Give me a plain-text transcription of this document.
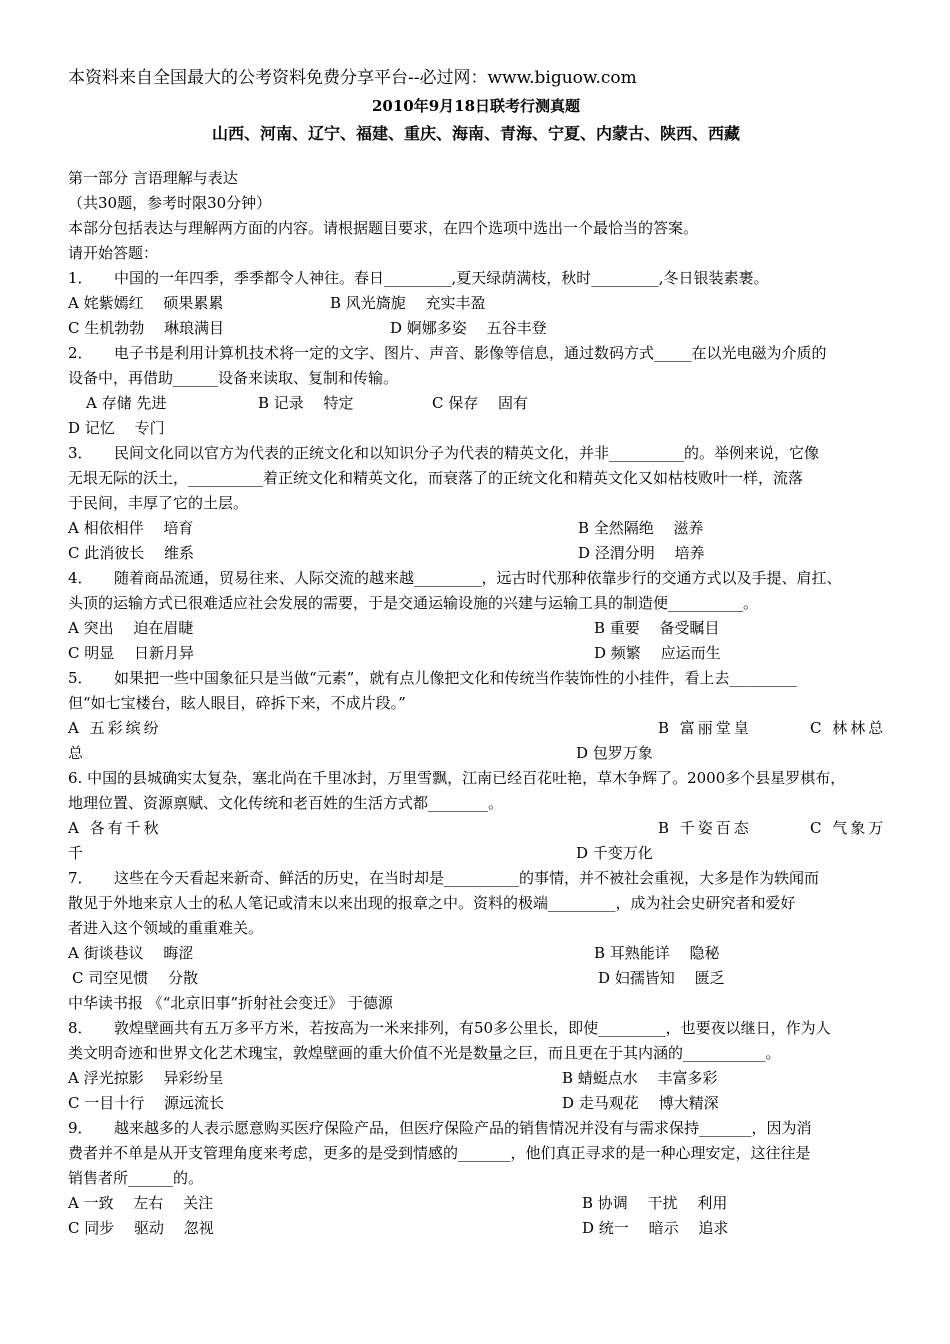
本资料来自全国最大的公考资料免费分享平台--必过网：www.biguow.com
2010年9月18日联考行测真题
山西、河南、辽宁、福建、重庆、海南、青海、宁夏、内蒙古、陕西、西藏
第一部分 言语理解与表达
（共30题，参考时限30分钟）
本部分包括表达与理解两方面的内容。请根据题目要求，在四个选项中选出一个最恰当的答案。
请开始答题：
1． 中国的一年四季，季季都令人神往。春日_________,夏天绿荫满枝，秋时_________,冬日银装素裹。
A 姹紫嫣红　 硕果累累	B 风光旖旎　 充实丰盈
C 生机勃勃　 琳琅满目	D 婀娜多姿　 五谷丰登
2． 电子书是利用计算机技术将一定的文字、图片、声音、影像等信息，通过数码方式_____在以光电磁为介质的
设备中，再借助______设备来读取、复制和传输。
A 存储 先进	B 记录　 特定	C 保存　 固有
D 记忆　 专门
3． 民间文化同以官方为代表的正统文化和以知识分子为代表的精英文化，并非__________的。举例来说，它像
无垠无际的沃土，__________着正统文化和精英文化，而衰落了的正统文化和精英文化又如枯枝败叶一样，流落
于民间，丰厚了它的土层。
A 相依相伴　 培育	B 全然隔绝　 滋养
C 此消彼长　 维系	D 泾渭分明　 培养
4． 随着商品流通，贸易往来、人际交流的越来越_________，远古时代那种依靠步行的交通方式以及手提、肩扛、
头顶的运输方式已很难适应社会发展的需要，于是交通运输设施的兴建与运输工具的制造便__________。
A 突出　 迫在眉睫	B 重要　 备受瞩目
C 明显　 日新月异	D 频繁　 应运而生
5． 如果把一些中国象征只是当做“元素”，就有点儿像把文化和传统当作装饰性的小挂件，看上去_________
但“如七宝楼台，眩人眼目，碎拆下来，不成片段。”
A 五彩缤纷	B 富丽堂皇	C 林林总
总	D 包罗万象
6. 中国的县城确实太复杂，塞北尚在千里冰封，万里雪飘，江南已经百花吐艳，草木争辉了。2000多个县星罗棋布，
地理位置、资源禀赋、文化传统和老百姓的生活方式都________。
A 各有千秋	B 千姿百态	C 气象万
千	D 千变万化
7． 这些在今天看起来新奇、鲜活的历史，在当时却是__________的事情，并不被社会重视，大多是作为轶闻而
散见于外地来京人士的私人笔记或清末以来出现的报章之中。资料的极端_________，成为社会史研究者和爱好
者进入这个领域的重重难关。
A 街谈巷议　 晦涩	B 耳熟能详　 隐秘
C 司空见惯　 分散	D 妇孺皆知　 匮乏
中华读书报 《“北京旧事”折射社会变迁》 于德源
8． 敦煌壁画共有五万多平方米，若按高为一米来排列，有50多公里长，即使_________，也要夜以继日，作为人
类文明奇迹和世界文化艺术瑰宝，敦煌壁画的重大价值不光是数量之巨，而且更在于其内涵的___________。
A 浮光掠影　 异彩纷呈	B 蜻蜓点水　 丰富多彩
C 一目十行　 源远流长	D 走马观花　 博大精深
9． 越来越多的人表示愿意购买医疗保险产品，但医疗保险产品的销售情况并没有与需求保持_______，因为消
费者并不单是从开支管理角度来考虑，更多的是受到情感的_______，他们真正寻求的是一种心理安定，这往往是
销售者所______的。
A 一致　 左右　 关注	B 协调　 干扰　 利用
C 同步　 驱动　 忽视	D 统一　 暗示　 追求
